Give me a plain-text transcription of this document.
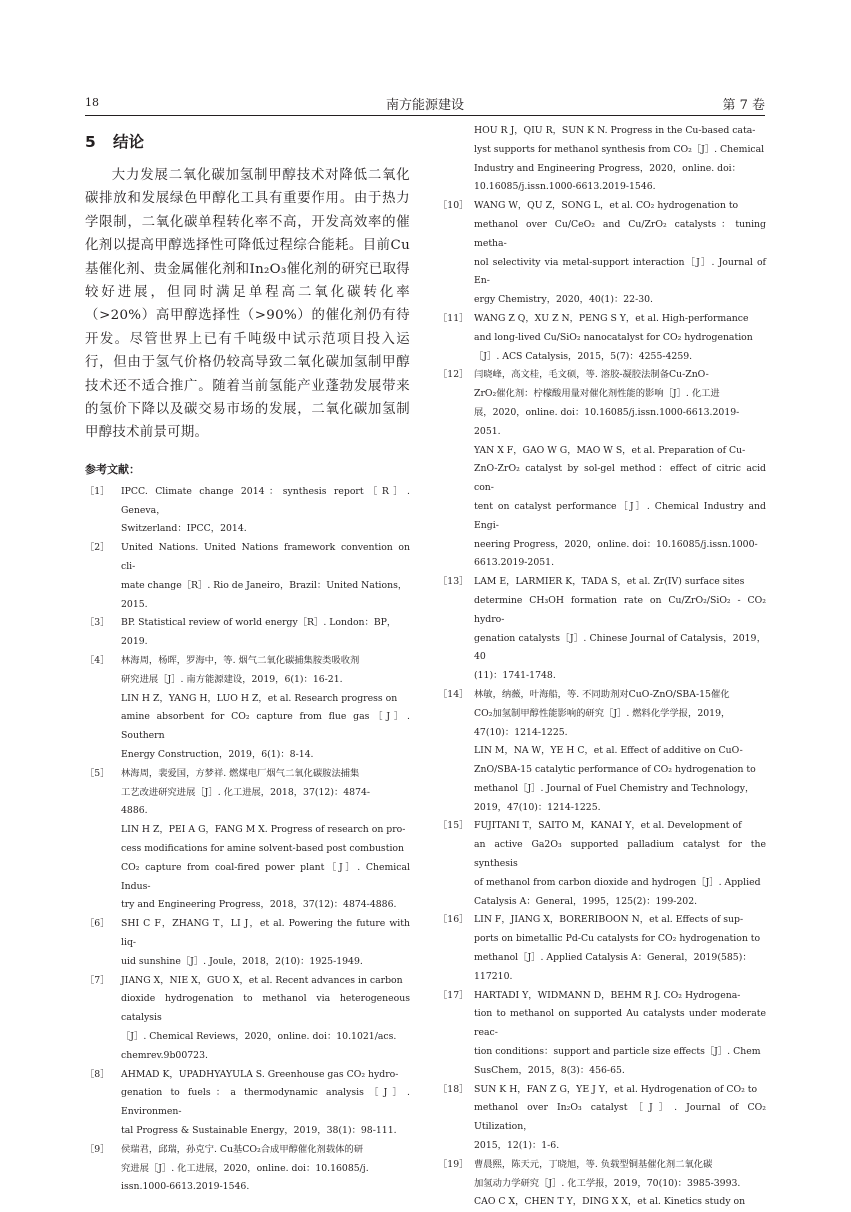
18	南方能源建设	第 7 卷
5 结论

大力发展二氧化碳加氢制甲醇技术对降低二氧化碳排放和发展绿色甲醇化工具有重要作用。由于热力学限制，二氧化碳单程转化率不高，开发高效率的催化剂以提高甲醇选择性可降低过程综合能耗。目前Cu基催化剂、贵金属催化剂和In₂O₃催化剂的研究已取得较好进展，但同时满足单程高二氧化碳转化率（>20%）高甲醇选择性（>90%）的催化剂仍有待开发。尽管世界上已有千吨级中试示范项目投入运行，但由于氢气价格仍较高导致二氧化碳加氢制甲醇技术还不适合推广。随着当前氢能产业蓬勃发展带来的氢价下降以及碳交易市场的发展，二氧化碳加氢制甲醇技术前景可期。

参考文献：
［1］	IPCC. Climate change 2014：synthesis report［R］. Geneva，
Switzerland：IPCC，2014.
［2］	United Nations. United Nations framework convention on cli-
mate change［R］. Rio de Janeiro，Brazil：United Nations，
2015.
［3］	BP. Statistical review of world energy［R］. London：BP，
2019.
［4］	林海周，杨晖，罗海中，等. 烟气二氧化碳捕集胺类吸收剂
研究进展［J］. 南方能源建设，2019，6(1)：16-21.
LIN H Z，YANG H，LUO H Z，et al. Research progress on
amine absorbent for CO₂ capture from flue gas［J］. Southern
Energy Construction，2019，6(1)：8-14.
［5］	林海周，裴爱国，方梦祥. 燃煤电厂烟气二氧化碳胺法捕集
工艺改进研究进展［J］. 化工进展，2018，37(12)：4874-
4886.
LIN H Z，PEI A G，FANG M X. Progress of research on pro-
cess modifications for amine solvent-based post combustion
CO₂ capture from coal-fired power plant［J］. Chemical Indus-
try and Engineering Progress，2018，37(12)：4874-4886.
［6］	SHI C F，ZHANG T，LI J，et al. Powering the future with liq-
uid sunshine［J］. Joule，2018，2(10)：1925-1949.
［7］	JIANG X，NIE X，GUO X，et al. Recent advances in carbon
dioxide hydrogenation to methanol via heterogeneous catalysis
［J］. Chemical Reviews，2020，online. doi：10.1021/acs.
chemrev.9b00723.
［8］	AHMAD K，UPADHYAYULA S. Greenhouse gas CO₂ hydro-
genation to fuels：a thermodynamic analysis［J］. Environmen-
tal Progress & Sustainable Energy，2019，38(1)：98-111.
［9］	侯瑞君，邱瑞，孙克宁. Cu基CO₂合成甲醇催化剂载体的研
究进展［J］. 化工进展，2020，online. doi：10.16085/j.
issn.1000-6613.2019-1546.
HOU R J，QIU R，SUN K N. Progress in the Cu-based cata-
lyst supports for methanol synthesis from CO₂［J］. Chemical
Industry and Engineering Progress，2020，online. doi：
10.16085/j.issn.1000-6613.2019-1546.
［10］ WANG W，QU Z，SONG L，et al. CO₂ hydrogenation to
methanol over Cu/CeO₂ and Cu/ZrO₂ catalysts：tuning metha-
nol selectivity via metal-support interaction［J］. Journal of En-
ergy Chemistry，2020，40(1)：22-30.
［11］ WANG Z Q，XU Z N，PENG S Y，et al. High-performance
and long-lived Cu/SiO₂ nanocatalyst for CO₂ hydrogenation
［J］. ACS Catalysis，2015，5(7)：4255-4259.
［12］ 闫晓峰，高文桂，毛文硕，等. 溶胶-凝胶法制备Cu-ZnO-
ZrO₂催化剂：柠檬酸用量对催化剂性能的影响［J］. 化工进
展，2020，online. doi：10.16085/j.issn.1000-6613.2019-
2051.
YAN X F，GAO W G，MAO W S，et al. Preparation of Cu-
ZnO-ZrO₂ catalyst by sol-gel method：effect of citric acid con-
tent on catalyst performance［J］. Chemical Industry and Engi-
neering Progress，2020，online. doi：10.16085/j.issn.1000-
6613.2019-2051.
［13］ LAM E，LARMIER K，TADA S，et al. Zr(IV) surface sites
determine CH₃OH formation rate on Cu/ZrO₂/SiO₂ - CO₂ hydro-
genation catalysts［J］. Chinese Journal of Catalysis，2019，40
(11)：1741-1748.
［14］ 林敏，纳薇，叶海船，等. 不同助剂对CuO-ZnO/SBA-15催化
CO₂加氢制甲醇性能影响的研究［J］. 燃料化学学报，2019，
47(10)：1214-1225.
LIN M，NA W，YE H C，et al. Effect of additive on CuO-
ZnO/SBA-15 catalytic performance of CO₂ hydrogenation to
methanol［J］. Journal of Fuel Chemistry and Technology，
2019，47(10)：1214-1225.
［15］ FUJITANI T，SAITO M，KANAI Y，et al. Development of
an active Ga2O₃ supported palladium catalyst for the synthesis
of methanol from carbon dioxide and hydrogen［J］. Applied
Catalysis A：General，1995，125(2)：199-202.
［16］ LIN F，JIANG X，BORERIBOON N，et al. Effects of sup-
ports on bimetallic Pd-Cu catalysts for CO₂ hydrogenation to
methanol［J］. Applied Catalysis A：General，2019(585)：
117210.
［17］ HARTADI Y，WIDMANN D，BEHM R J. CO₂ Hydrogena-
tion to methanol on supported Au catalysts under moderate reac-
tion conditions：support and particle size effects［J］. Chem
SusChem，2015，8(3)：456-65.
［18］ SUN K H，FAN Z G，YE J Y，et al. Hydrogenation of CO₂ to
methanol over In₂O₃ catalyst［J］. Journal of CO₂ Utilization，
2015，12(1)：1-6.
［19］ 曹晨熙，陈天元，丁晓旭，等. 负载型铜基催化剂二氧化碳
加氢动力学研究［J］. 化工学报，2019，70(10)：3985-3993.
CAO C X，CHEN T Y，DING X X，et al. Kinetics study on
